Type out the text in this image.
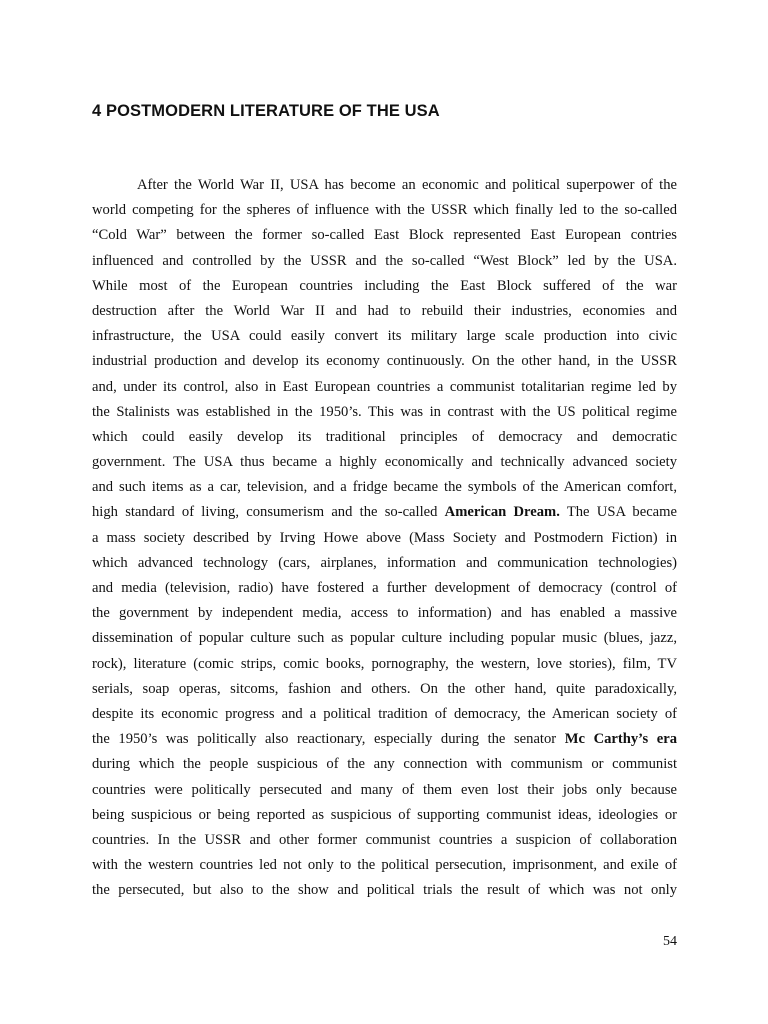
4 POSTMODERN LITERATURE OF THE USA
After the World War II, USA has become an economic and political superpower of the
world competing for the spheres of influence with the USSR which finally led to the so-called
“Cold War” between the former so-called East Block represented East European contries
influenced and controlled by the USSR and the so-called “West Block” led by the USA.
While most of the European countries including the East Block suffered of the war
destruction after the World War II and had to rebuild their industries, economies and
infrastructure, the USA could easily convert its military large scale production into civic
industrial production and develop its economy continuously. On the other hand, in the USSR
and, under its control, also in East European countries a communist totalitarian regime led by
the Stalinists was established in the 1950’s. This was in contrast with the US political regime
which could easily develop its traditional principles of democracy and democratic
government. The USA thus became a highly economically and technically advanced society
and such items as a car, television, and a fridge became the symbols of the American comfort,
high standard of living, consumerism and the so-called American Dream. The USA became
a mass society described by Irving Howe above (Mass Society and Postmodern Fiction) in
which advanced technology (cars, airplanes, information and communication technologies)
and media (television, radio) have fostered a further development of democracy (control of
the government by independent media, access to information) and has enabled a massive
dissemination of popular culture such as popular culture including popular music (blues, jazz,
rock), literature (comic strips, comic books, pornography, the western, love stories), film, TV
serials, soap operas, sitcoms, fashion and others. On the other hand, quite paradoxically,
despite its economic progress and a political tradition of democracy, the American society of
the 1950’s was politically also reactionary, especially during the senator Mc Carthy’s era
during which the people suspicious of the any connection with communism or communist
countries were politically persecuted and many of them even lost their jobs only because
being suspicious or being reported as suspicious of supporting communist ideas, ideologies or
countries. In the USSR and other former communist countries a suspicion of collaboration
with the western countries led not only to the political persecution, imprisonment, and exile of
the persecuted, but also to the show and political trials the result of which was not only
54
